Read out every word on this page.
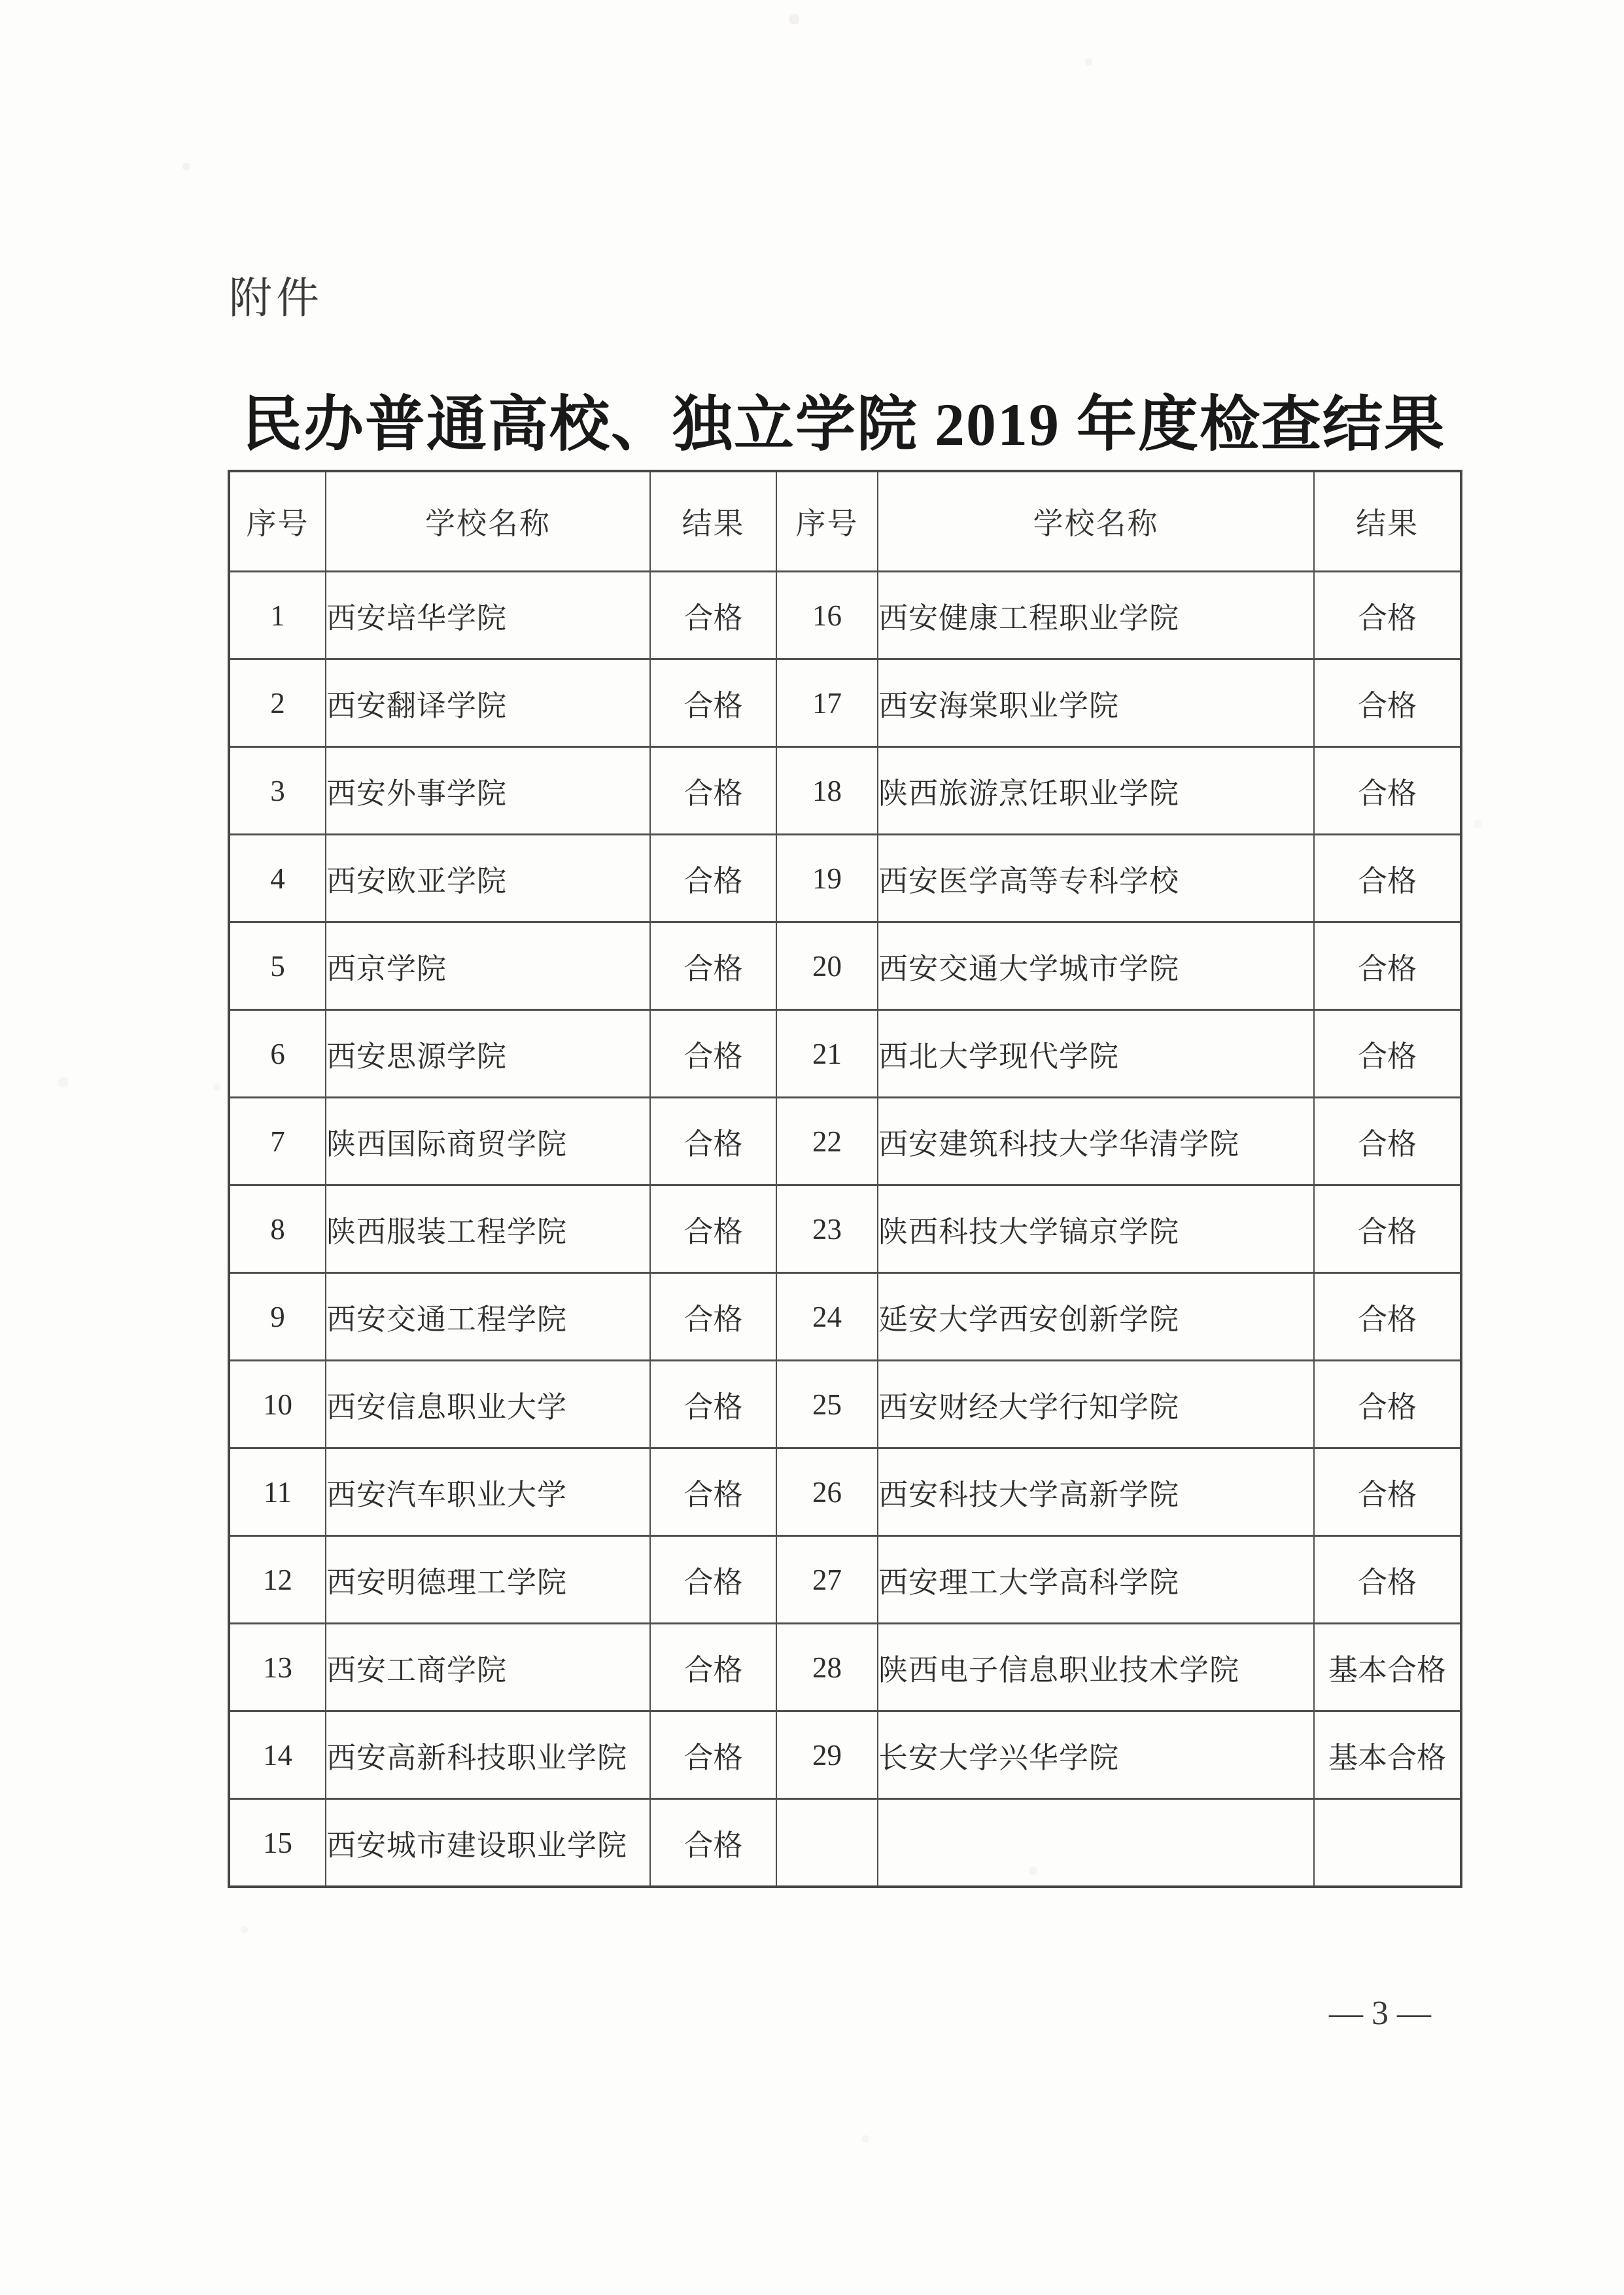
附件
民办普通高校、独立学院 2019 年度检查结果
序号	学校名称	结果	序号	学校名称	结果
1	西安培华学院	合格	16	西安健康工程职业学院	合格
2	西安翻译学院	合格	17	西安海棠职业学院	合格
3	西安外事学院	合格	18	陕西旅游烹饪职业学院	合格
4	西安欧亚学院	合格	19	西安医学高等专科学校	合格
5	西京学院	合格	20	西安交通大学城市学院	合格
6	西安思源学院	合格	21	西北大学现代学院	合格
7	陕西国际商贸学院	合格	22	西安建筑科技大学华清学院	合格
8	陕西服装工程学院	合格	23	陕西科技大学镐京学院	合格
9	西安交通工程学院	合格	24	延安大学西安创新学院	合格
10	西安信息职业大学	合格	25	西安财经大学行知学院	合格
11	西安汽车职业大学	合格	26	西安科技大学高新学院	合格
12	西安明德理工学院	合格	27	西安理工大学高科学院	合格
13	西安工商学院	合格	28	陕西电子信息职业技术学院	基本合格
14	西安高新科技职业学院	合格	29	长安大学兴华学院	基本合格
15	西安城市建设职业学院	合格			
— 3 —
